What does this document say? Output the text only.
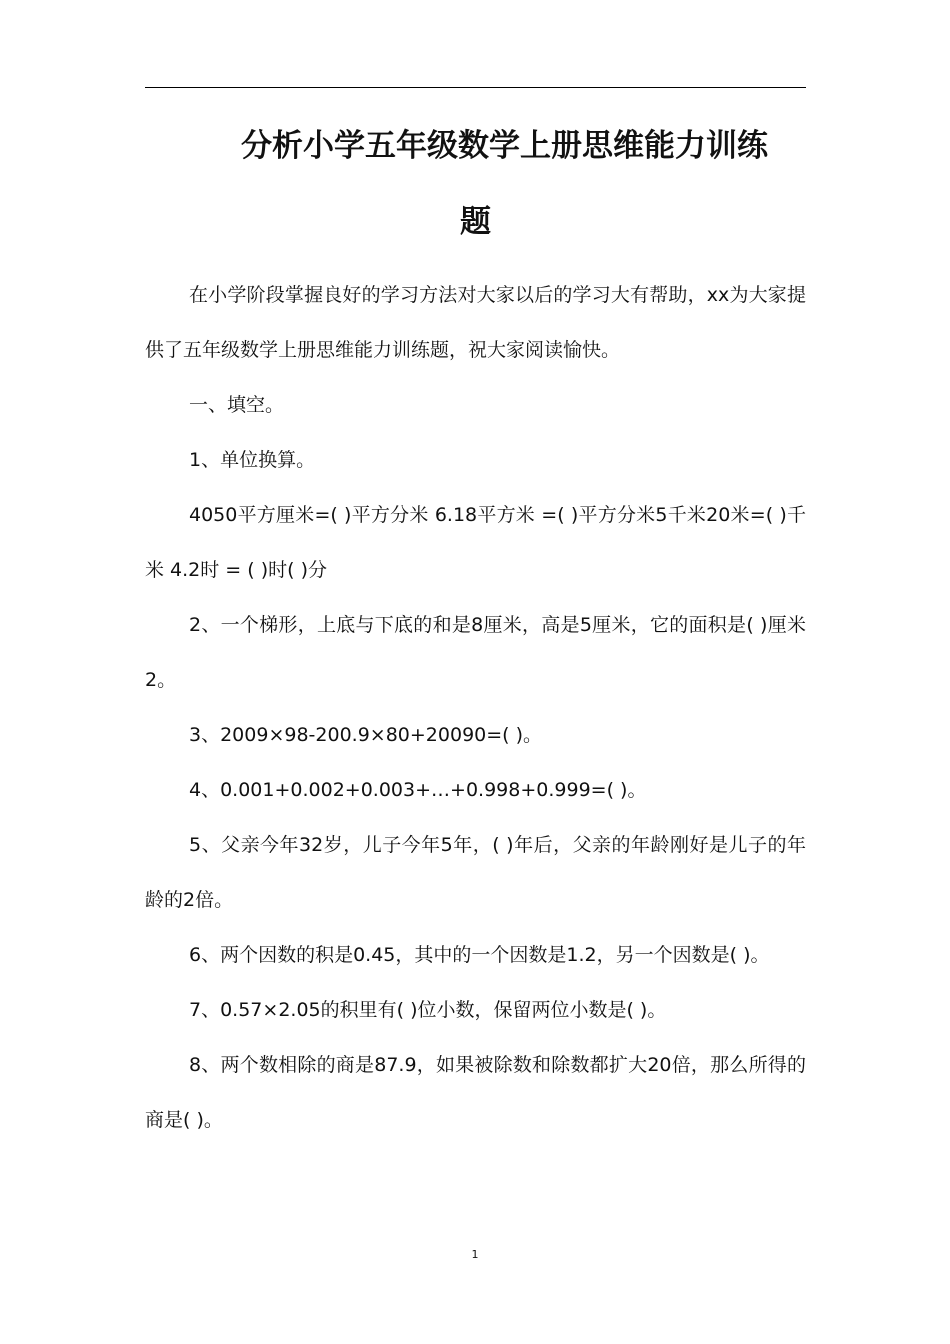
分析小学五年级数学上册思维能力训练
题

在小学阶段掌握良好的学习方法对大家以后的学习大有帮助，xx为大家提供了五年级数学上册思维能力训练题，祝大家阅读愉快。

一、填空。

1、单位换算。

4050平方厘米=( )平方分米 6.18平方米 =( )平方分米5千米20米=( )千米 4.2时 = ( )时( )分

2、一个梯形，上底与下底的和是8厘米，高是5厘米，它的面积是( )厘米2。

3、2009×98-200.9×80+20090=( )。

4、0.001+0.002+0.003+…+0.998+0.999=( )。

5、父亲今年32岁，儿子今年5年，( )年后，父亲的年龄刚好是儿子的年龄的2倍。

6、两个因数的积是0.45，其中的一个因数是1.2，另一个因数是( )。

7、0.57×2.05的积里有( )位小数，保留两位小数是( )。

8、两个数相除的商是87.9，如果被除数和除数都扩大20倍，那么所得的商是( )。

1
